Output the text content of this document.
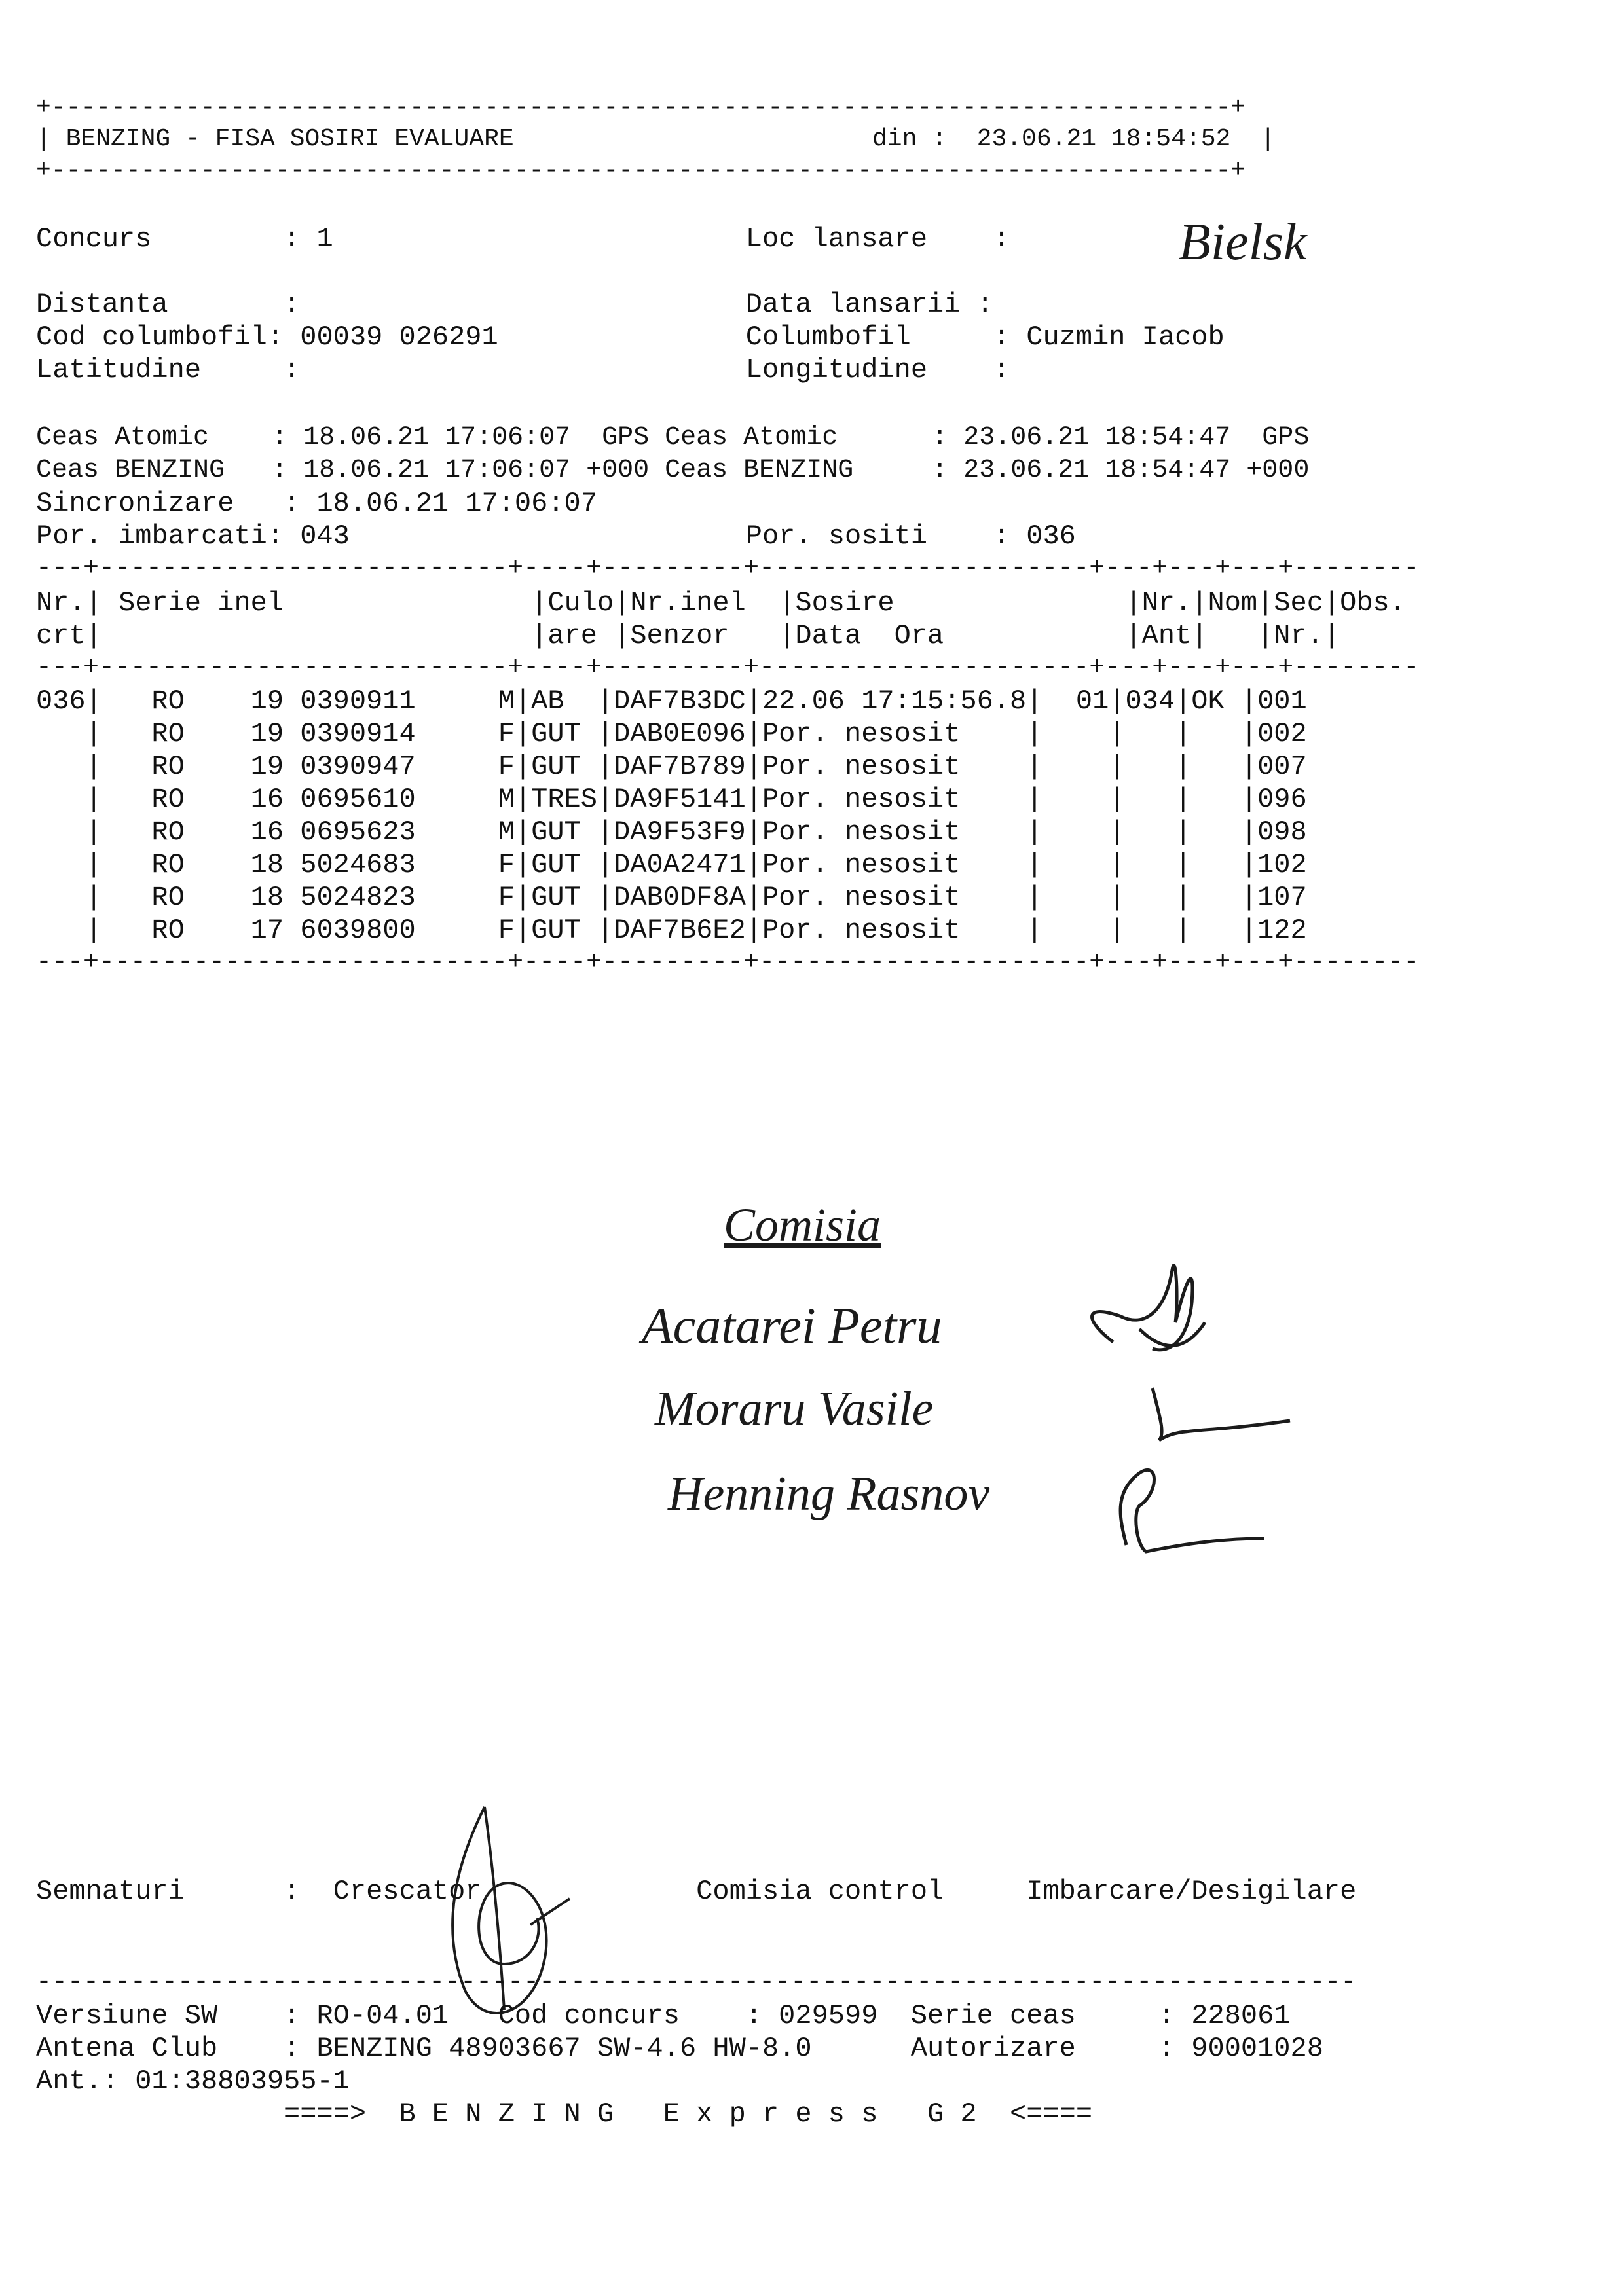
+-------------------------------------------------------------------------------+
| BENZING - FISA SOSIRI EVALUARE                        din :  23.06.21 18:54:52  |
+-------------------------------------------------------------------------------+
Concurs        : 1                         Loc lansare    :
Distanta       :                           Data lansarii :
Cod columbofil: 00039 026291               Columbofil     : Cuzmin Iacob
Latitudine     :                           Longitudine    :
Ceas Atomic    : 18.06.21 17:06:07  GPS Ceas Atomic      : 23.06.21 18:54:47  GPS
Ceas BENZING   : 18.06.21 17:06:07 +000 Ceas BENZING     : 23.06.21 18:54:47 +000
Sincronizare   : 18.06.21 17:06:07
Por. imbarcati: 043                        Por. sositi    : 036
Bielsk
---+--------------------------+----+---------+---------------------+---+---+---+--------
Nr.| Serie inel               |Culo|Nr.inel  |Sosire              |Nr.|Nom|Sec|Obs.
crt|                          |are |Senzor   |Data  Ora           |Ant|   |Nr.|
---+--------------------------+----+---------+---------------------+---+---+---+--------
036|   RO    19 0390911     M|AB  |DAF7B3DC|22.06 17:15:56.8|  01|034|OK |001
|   RO    19 0390914     F|GUT |DAB0E096|Por. nesosit    |    |   |   |002
|   RO    19 0390947     F|GUT |DAF7B789|Por. nesosit    |    |   |   |007
|   RO    16 0695610     M|TRES|DA9F5141|Por. nesosit    |    |   |   |096
|   RO    16 0695623     M|GUT |DA9F53F9|Por. nesosit    |    |   |   |098
|   RO    18 5024683     F|GUT |DA0A2471|Por. nesosit    |    |   |   |102
|   RO    18 5024823     F|GUT |DAB0DF8A|Por. nesosit    |    |   |   |107
|   RO    17 6039800     F|GUT |DAF7B6E2|Por. nesosit    |    |   |   |122
---+--------------------------+----+---------+---------------------+---+---+---+--------
Comisia
Acatarei Petru
Moraru Vasile
Henning Rasnov
Semnaturi      :  Crescator             Comisia control     Imbarcare/Desigilare
------------------------------------------------------------------------------------
Versiune SW    : RO-04.01   Cod concurs    : 029599  Serie ceas     : 228061
Antena Club    : BENZING 48903667 SW-4.6 HW-8.0      Autorizare     : 90001028
Ant.: 01:38803955-1
====>  B E N Z I N G   E x p r e s s   G 2  <====
